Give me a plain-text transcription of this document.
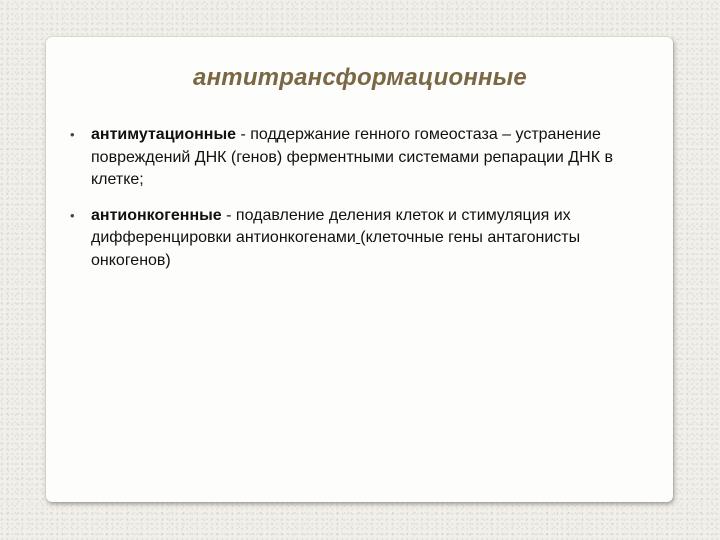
антитрансформационные
• антимутационные - поддержание генного гомеостаза – устранение повреждений ДНК (генов) ферментными системами репарации ДНК в клетке;
• антионкогенные - подавление деления клеток и стимуляция их дифференцировки антионкогенами (клеточные гены антагонисты онкогенов)
